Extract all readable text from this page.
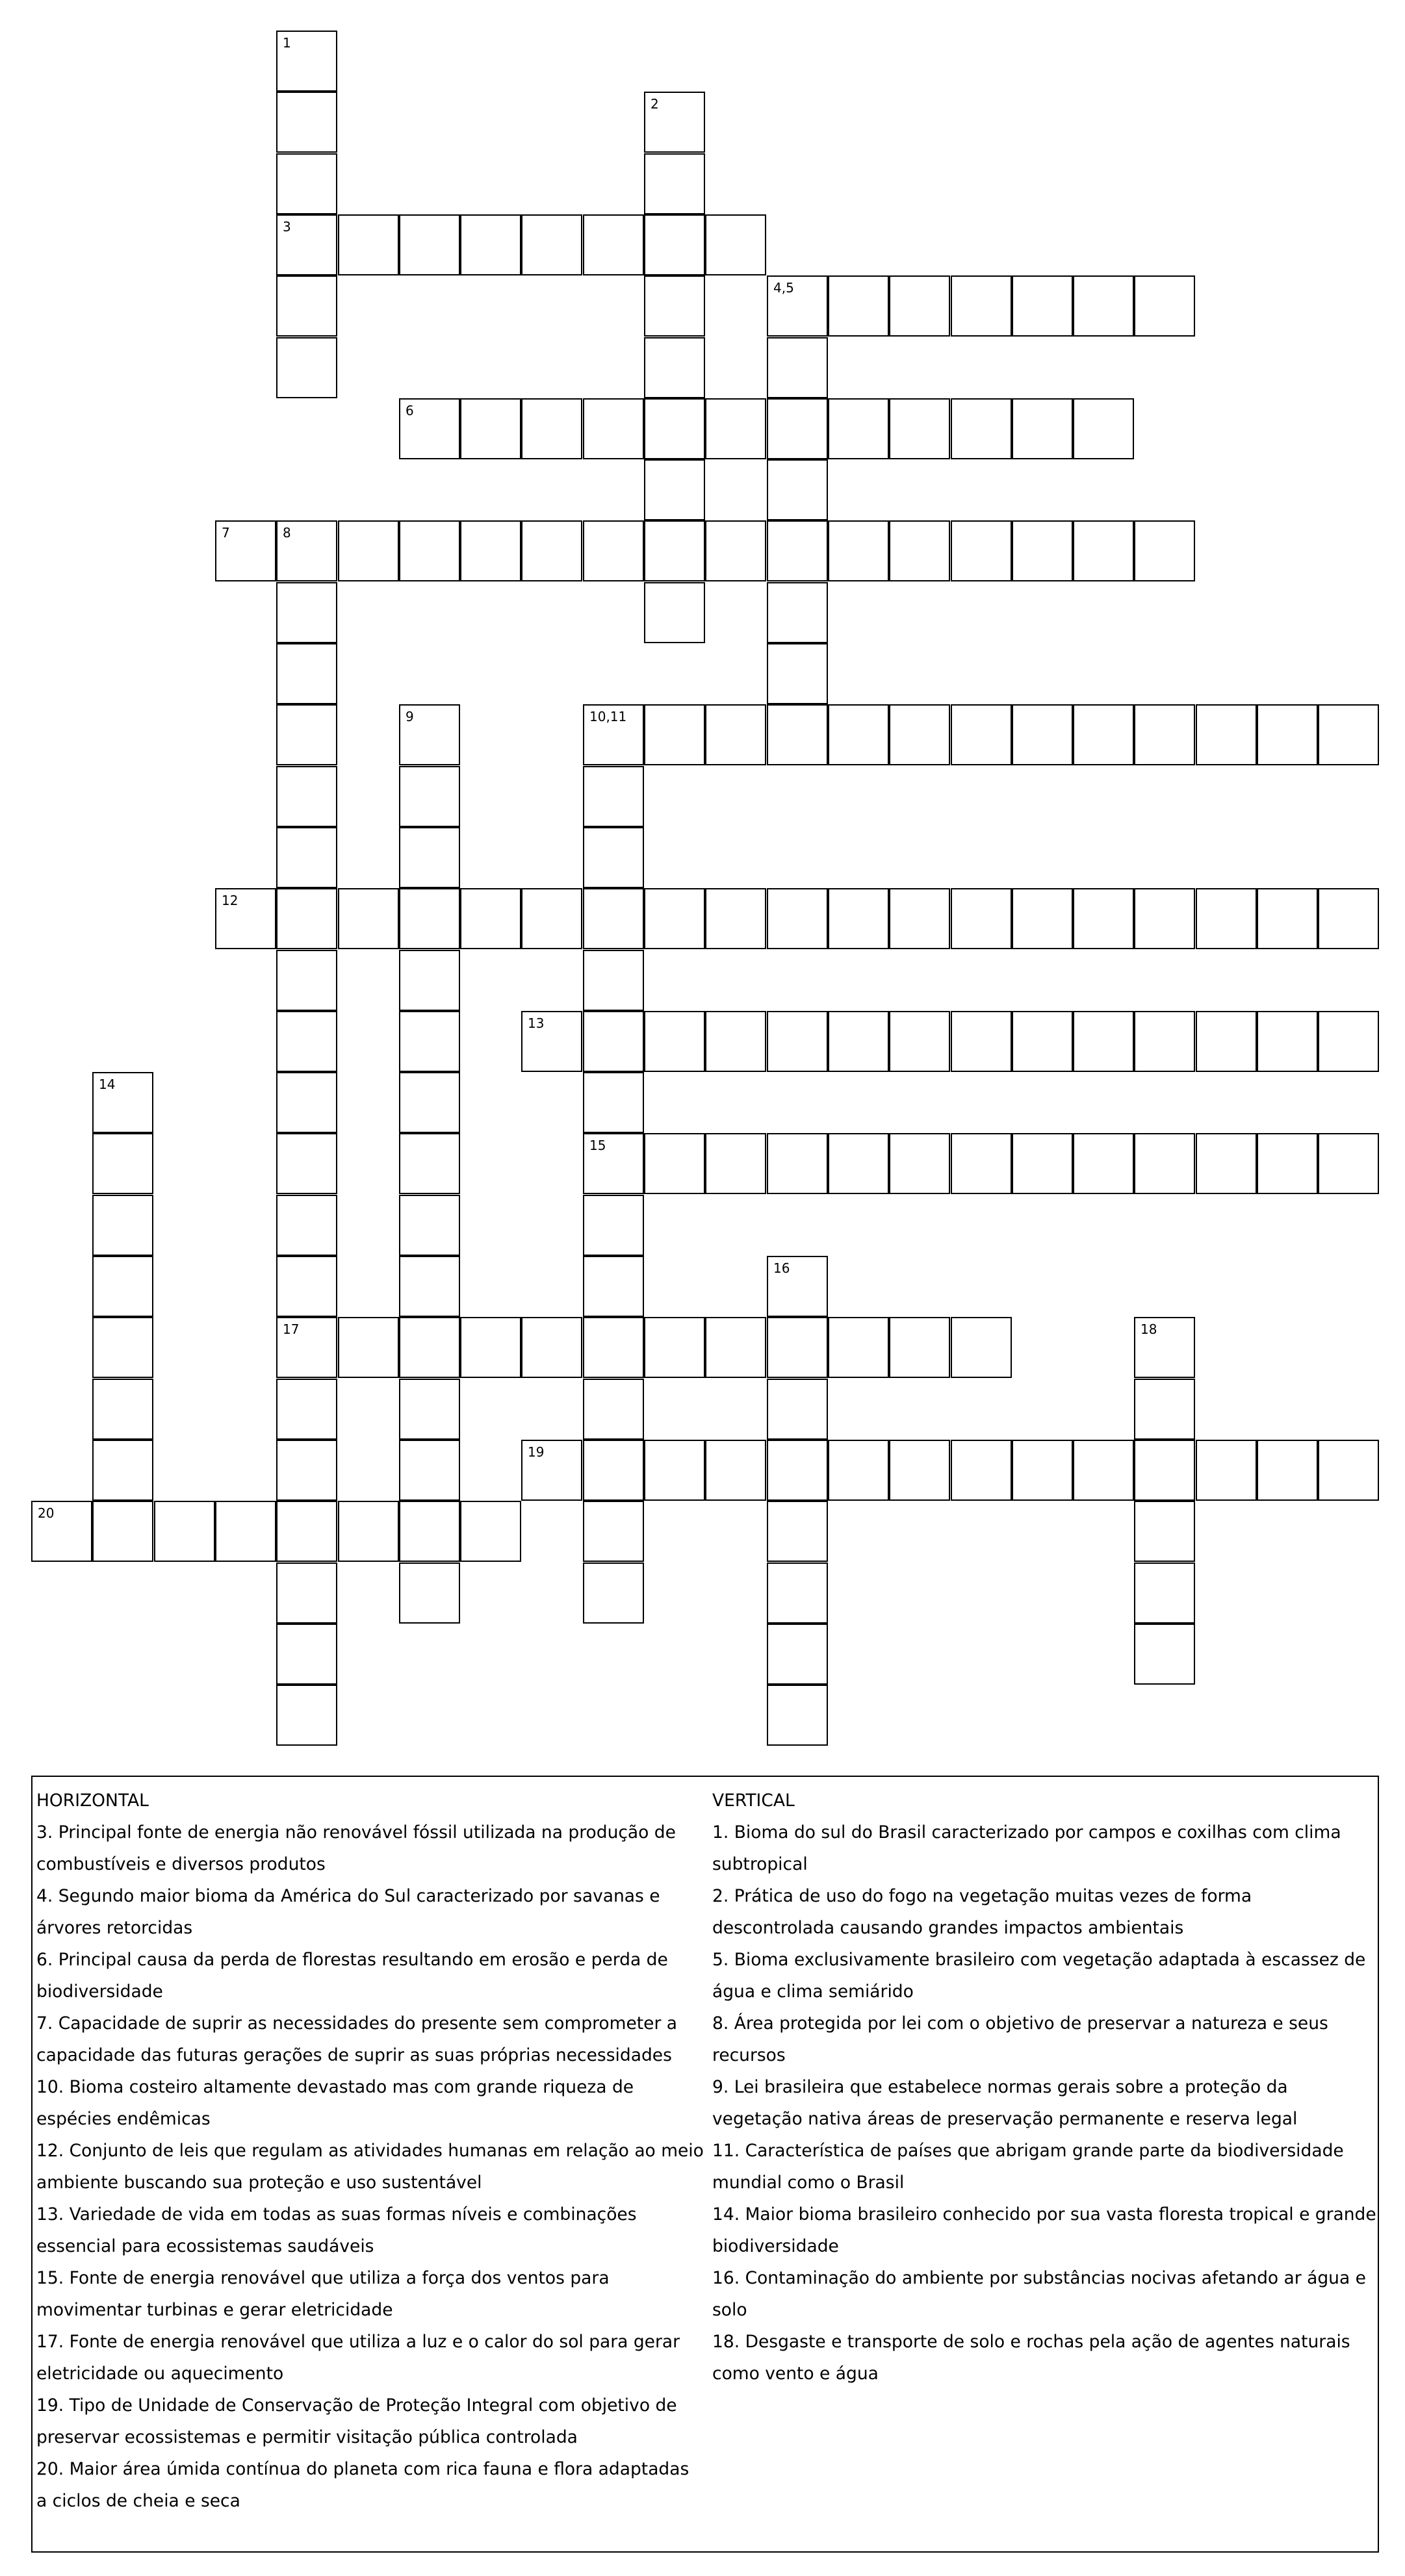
1
3
2
4,5
6
7	8
17
9	10,11
15
12
13
14
16
18
19
20
HORIZONTAL

3. Principal fonte de energia não renovável fóssil utilizada na produção de combustíveis e diversos produtos

4. Segundo maior bioma da América do Sul caracterizado por savanas e árvores retorcidas

6. Principal causa da perda de florestas resultando em erosão e perda de biodiversidade

7. Capacidade de suprir as necessidades do presente sem comprometer a capacidade das futuras gerações de suprir as suas próprias necessidades

10. Bioma costeiro altamente devastado mas com grande riqueza de espécies endêmicas

12. Conjunto de leis que regulam as atividades humanas em relação ao meio ambiente buscando sua proteção e uso sustentável

13. Variedade de vida em todas as suas formas níveis e combinações essencial para ecossistemas saudáveis

15. Fonte de energia renovável que utiliza a força dos ventos para movimentar turbinas e gerar eletricidade

17. Fonte de energia renovável que utiliza a luz e o calor do sol para gerar eletricidade ou aquecimento

19. Tipo de Unidade de Conservação de Proteção Integral com objetivo de preservar ecossistemas e permitir visitação pública controlada

20. Maior área úmida contínua do planeta com rica fauna e flora adaptadas a ciclos de cheia e seca

VERTICAL

1. Bioma do sul do Brasil caracterizado por campos e coxilhas com clima subtropical

2. Prática de uso do fogo na vegetação muitas vezes de forma descontrolada causando grandes impactos ambientais

5. Bioma exclusivamente brasileiro com vegetação adaptada à escassez de água e clima semiárido

8. Área protegida por lei com o objetivo de preservar a natureza e seus recursos

9. Lei brasileira que estabelece normas gerais sobre a proteção da vegetação nativa áreas de preservação permanente e reserva legal

11. Característica de países que abrigam grande parte da biodiversidade mundial como o Brasil

14. Maior bioma brasileiro conhecido por sua vasta floresta tropical e grande biodiversidade

16. Contaminação do ambiente por substâncias nocivas afetando ar água e solo

18. Desgaste e transporte de solo e rochas pela ação de agentes naturais como vento e água
